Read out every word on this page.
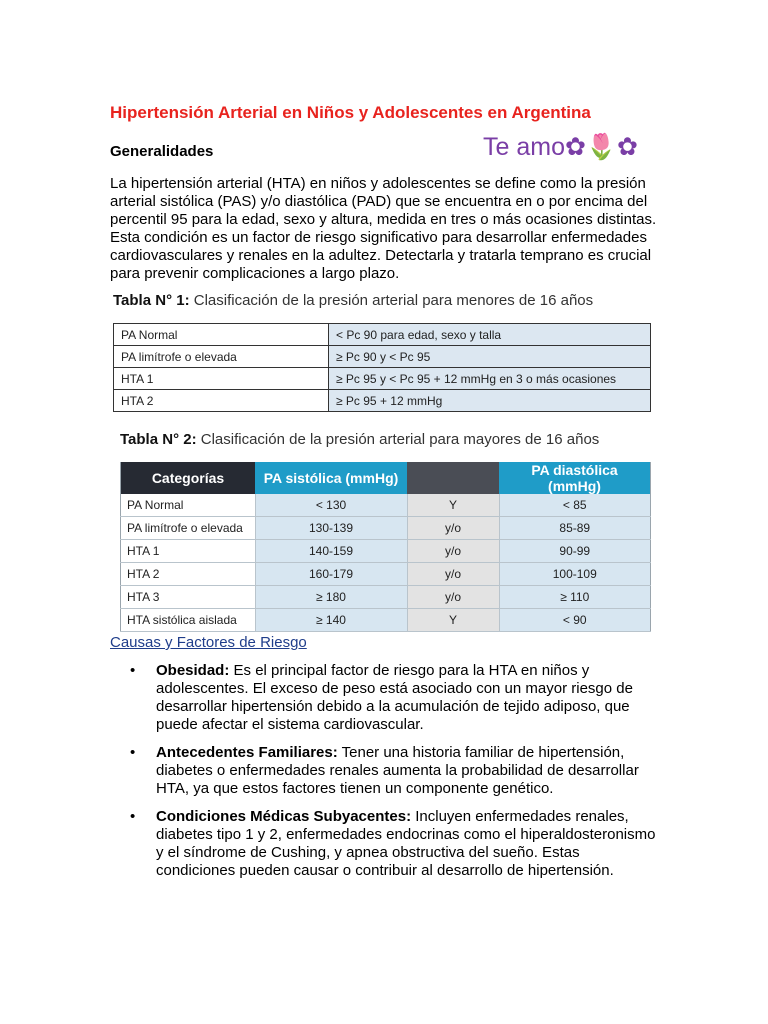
Hipertensión Arterial en Niños y Adolescentes en Argentina
Generalidades	Te amo✿🌷✿

La hipertensión arterial (HTA) en niños y adolescentes se define como la presión arterial sistólica (PAS) y/o diastólica (PAD) que se encuentra en o por encima del percentil 95 para la edad, sexo y altura, medida en tres o más ocasiones distintas. Esta condición es un factor de riesgo significativo para desarrollar enfermedades cardiovasculares y renales en la adultez. Detectarla y tratarla temprano es crucial para prevenir complicaciones a largo plazo.

Tabla N° 1: Clasificación de la presión arterial para menores de 16 años
PA Normal	< Pc 90 para edad, sexo y talla
PA limítrofe o elevada	≥ Pc 90 y < Pc 95
HTA 1	≥ Pc 95 y < Pc 95 + 12 mmHg en 3 o más ocasiones
HTA 2	≥ Pc 95 + 12 mmHg
Tabla N° 2: Clasificación de la presión arterial para mayores de 16 años
Categorías	PA sistólica (mmHg)		PA diastólica (mmHg)
PA Normal	< 130	Y	< 85
PA limítrofe o elevada	130-139	y/o	85-89
HTA 1	140-159	y/o	90-99
HTA 2	160-179	y/o	100-109
HTA 3	≥ 180	y/o	≥ 110
HTA sistólica aislada	≥ 140	Y	< 90
Causas y Factores de Riesgo
• Obesidad: Es el principal factor de riesgo para la HTA en niños y adolescentes. El exceso de peso está asociado con un mayor riesgo de desarrollar hipertensión debido a la acumulación de tejido adiposo, que puede afectar el sistema cardiovascular.
• Antecedentes Familiares: Tener una historia familiar de hipertensión, diabetes o enfermedades renales aumenta la probabilidad de desarrollar HTA, ya que estos factores tienen un componente genético.
• Condiciones Médicas Subyacentes: Incluyen enfermedades renales, diabetes tipo 1 y 2, enfermedades endocrinas como el hiperaldosteronismo y el síndrome de Cushing, y apnea obstructiva del sueño. Estas condiciones pueden causar o contribuir al desarrollo de hipertensión.
